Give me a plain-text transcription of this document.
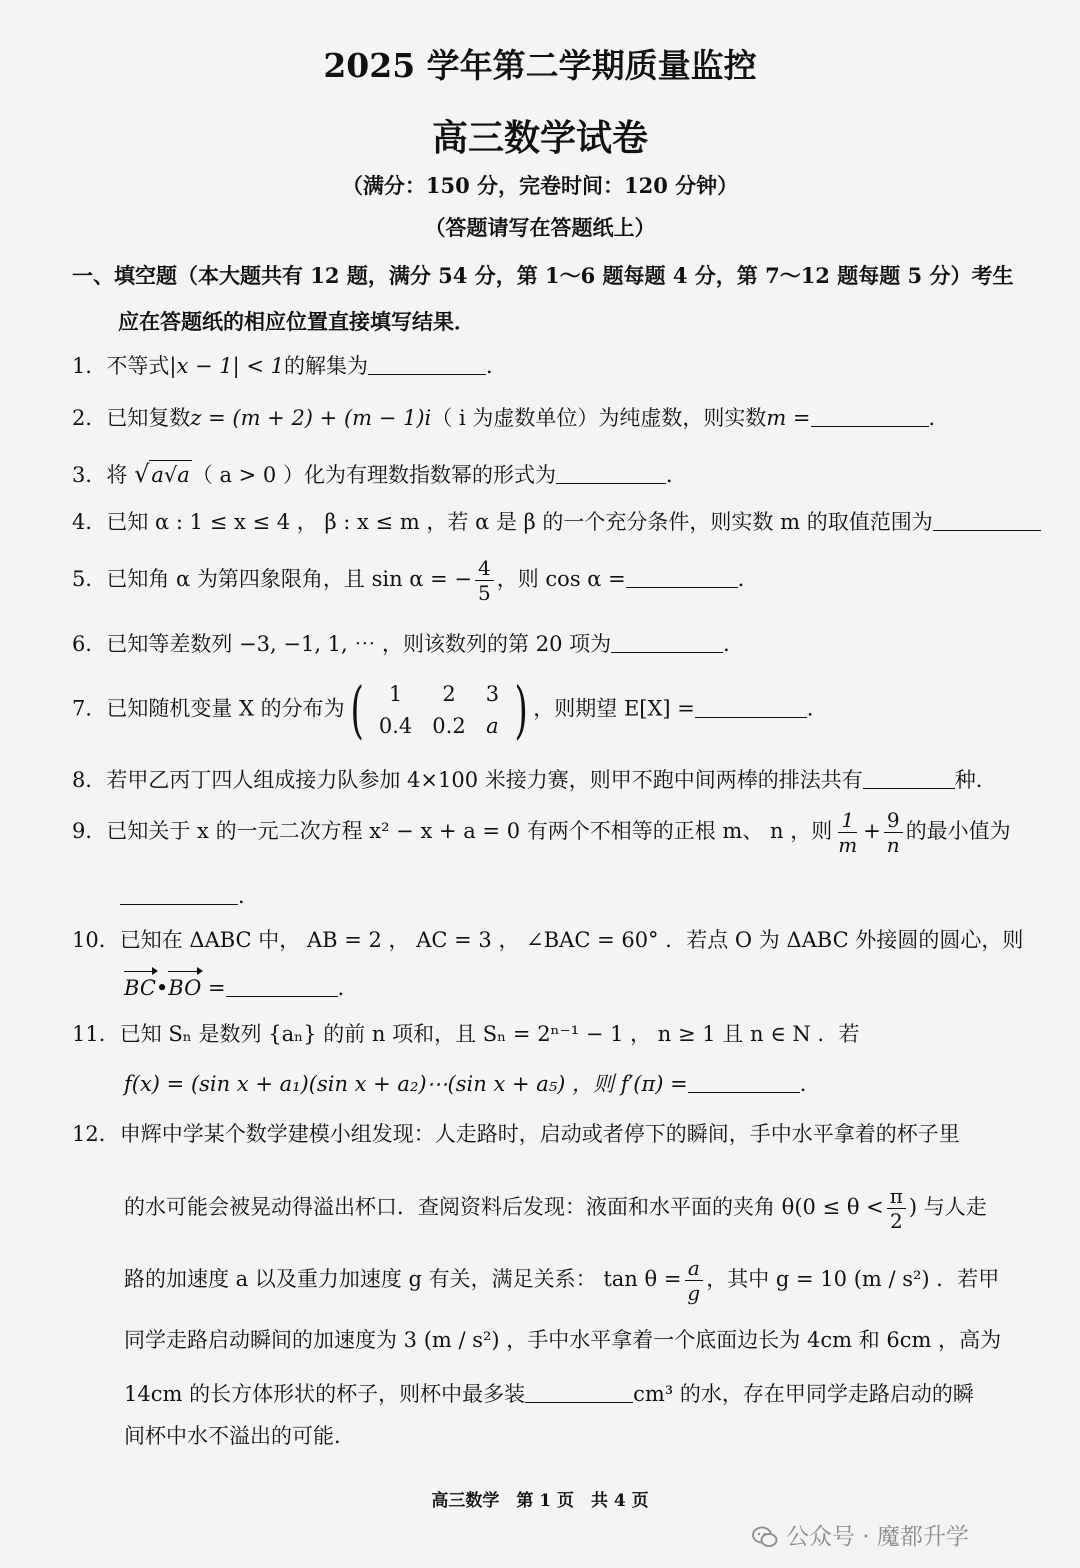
2025 学年第二学期质量监控
高三数学试卷
（满分：150 分，完卷时间：120 分钟）
（答题请写在答题纸上）
一、填空题（本大题共有 12 题，满分 54 分，第 1～6 题每题 4 分，第 7～12 题每题 5 分）考生
应在答题纸的相应位置直接填写结果．
1．不等式|x − 1| < 1的解集为	．
2．已知复数z = (m + 2) + (m − 1)i（ i 为虚数单位）为纯虚数，则实数m =	．
3．将 √a√a（ a > 0 ）化为有理数指数幂的形式为	．
4．已知 α : 1 ≤ x ≤ 4 ， β : x ≤ m ，若 α 是 β 的一个充分条件，则实数 m 的取值范围为
5．已知角 α 为第四象限角，且 sin α = − $\frac{4}{5}$ ，则 cos α =	．
6．已知等差数列 −3, −1, 1, ⋯ ，则该数列的第 20 项为	．
7．已知随机变量 X 的分布为 ( 1	2	3
0.4	0.2	a ) ，则期望 E[X] =	．
8．若甲乙丙丁四人组成接力队参加 4×100 米接力赛，则甲不跑中间两棒的排法共有	种．
9．已知关于 x 的一元二次方程 x² − x + a = 0 有两个不相等的正根 m、 n ，则 $\frac{1}{m} + \frac{9}{n}$ 的最小值为
．
10．已知在 ΔABC 中， AB = 2 ， AC = 3 ， ∠BAC = 60° ．若点 O 为 ΔABC 外接圆的圆心，则
BC•BO =	．
11．已知 Sₙ 是数列 {aₙ} 的前 n 项和，且 Sₙ = 2ⁿ⁻¹ − 1 ， n ≥ 1 且 n ∈ N ．若
f(x) = (sin x + a₁)(sin x + a₂)⋯(sin x + a₅) ，则 f′(π) =	．
12．申辉中学某个数学建模小组发现：人走路时，启动或者停下的瞬间，手中水平拿着的杯子里
的水可能会被晃动得溢出杯口．查阅资料后发现：液面和水平面的夹角 $\theta(0 \le \theta < \frac{\pi}{2}$ ) 与人走
路的加速度 a 以及重力加速度 g 有关，满足关系： $\tan \theta = \frac{a}{g}$ ，其中 g = 10 (m / s²) ．若甲
同学走路启动瞬间的加速度为 3 (m / s²) ，手中水平拿着一个底面边长为 4cm 和 6cm ，高为
14cm 的长方体形状的杯子，则杯中最多装	cm³ 的水，存在甲同学走路启动的瞬
间杯中水不溢出的可能．
高三数学　第 1 页　共 4 页
公众号 · 魔都升学
